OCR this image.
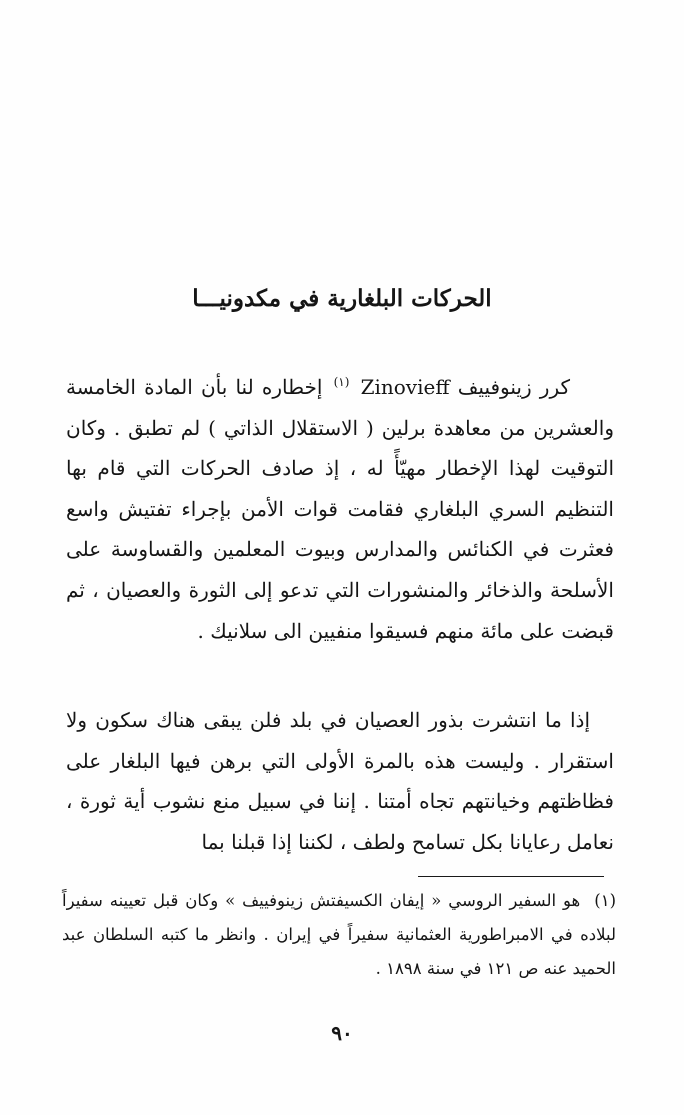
الحركات البلغارية في مكدونيـــا

كرر زينوفييف Zinovieff $^{(١)}$ إخطاره لنا بأن المادة الخامسة والعشرين من معاهدة برلين ( الاستقلال الذاتي ) لم تطبق . وكان التوقيت لهذا الإخطار مهيّأً له ، إذ صادف الحركات التي قام بها التنظيم السري البلغاري فقامت قوات الأمن بإجراء تفتيش واسع فعثرت في الكنائس والمدارس وبيوت المعلمين والقساوسة على الأسلحة والذخائر والمنشورات التي تدعو إلى الثورة والعصيان ، ثم قبضت على مائة منهم فسيقوا منفيين الى سلانيك .

إذا ما انتشرت بذور العصيان في بلد فلن يبقى هناك سكون ولا استقرار . وليست هذه بالمرة الأولى التي برهن فيها البلغار على فظاظتهم وخيانتهم تجاه أمتنا . إننا في سبيل منع نشوب أية ثورة ، نعامل رعايانا بكل تسامح ولطف ، لكننا إذا قبلنا بما

(١)هو السفير الروسي « إيفان الكسيفتش زينوفييف » وكان قبل تعيينه سفيراً لبلاده في الامبراطورية العثمانية سفيراً في إيران . وانظر ما كتبه السلطان عبد الحميد عنه ص ١٢١ في سنة ١٨٩٨ .
٩٠
